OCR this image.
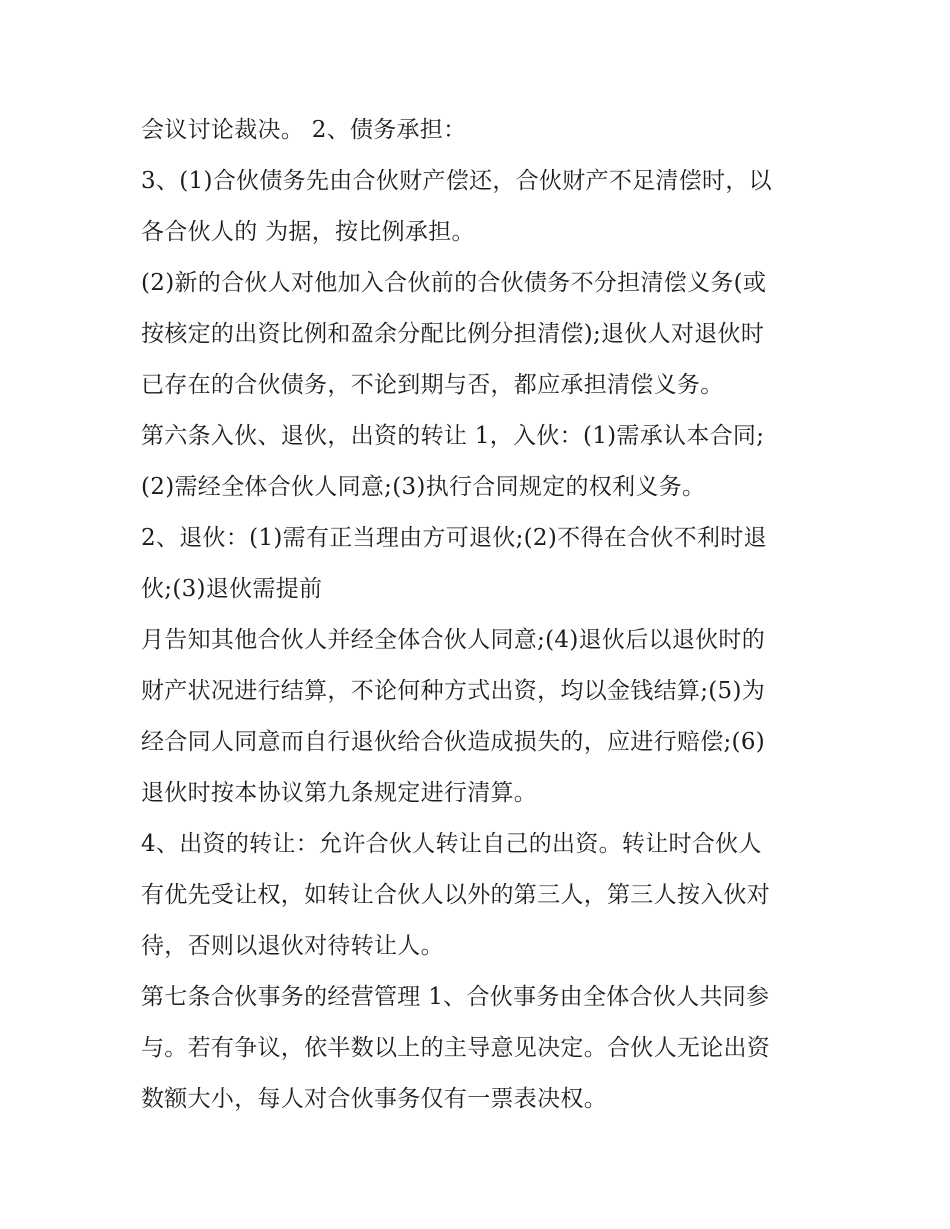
会议讨论裁决。 2、债务承担：
3、(1)合伙债务先由合伙财产偿还，合伙财产不足清偿时，以
各合伙人的 为据，按比例承担。
(2)新的合伙人对他加入合伙前的合伙债务不分担清偿义务(或
按核定的出资比例和盈余分配比例分担清偿);退伙人对退伙时
已存在的合伙债务，不论到期与否，都应承担清偿义务。
第六条入伙、退伙，出资的转让 1，入伙：(1)需承认本合同;
(2)需经全体合伙人同意;(3)执行合同规定的权利义务。
2、退伙：(1)需有正当理由方可退伙;(2)不得在合伙不利时退
伙;(3)退伙需提前
月告知其他合伙人并经全体合伙人同意;(4)退伙后以退伙时的
财产状况进行结算，不论何种方式出资，均以金钱结算;(5)为
经合同人同意而自行退伙给合伙造成损失的，应进行赔偿;(6)
退伙时按本协议第九条规定进行清算。
4、出资的转让：允许合伙人转让自己的出资。转让时合伙人
有优先受让权，如转让合伙人以外的第三人，第三人按入伙对
待，否则以退伙对待转让人。
第七条合伙事务的经营管理 1、合伙事务由全体合伙人共同参
与。若有争议，依半数以上的主导意见决定。合伙人无论出资
数额大小，每人对合伙事务仅有一票表决权。
